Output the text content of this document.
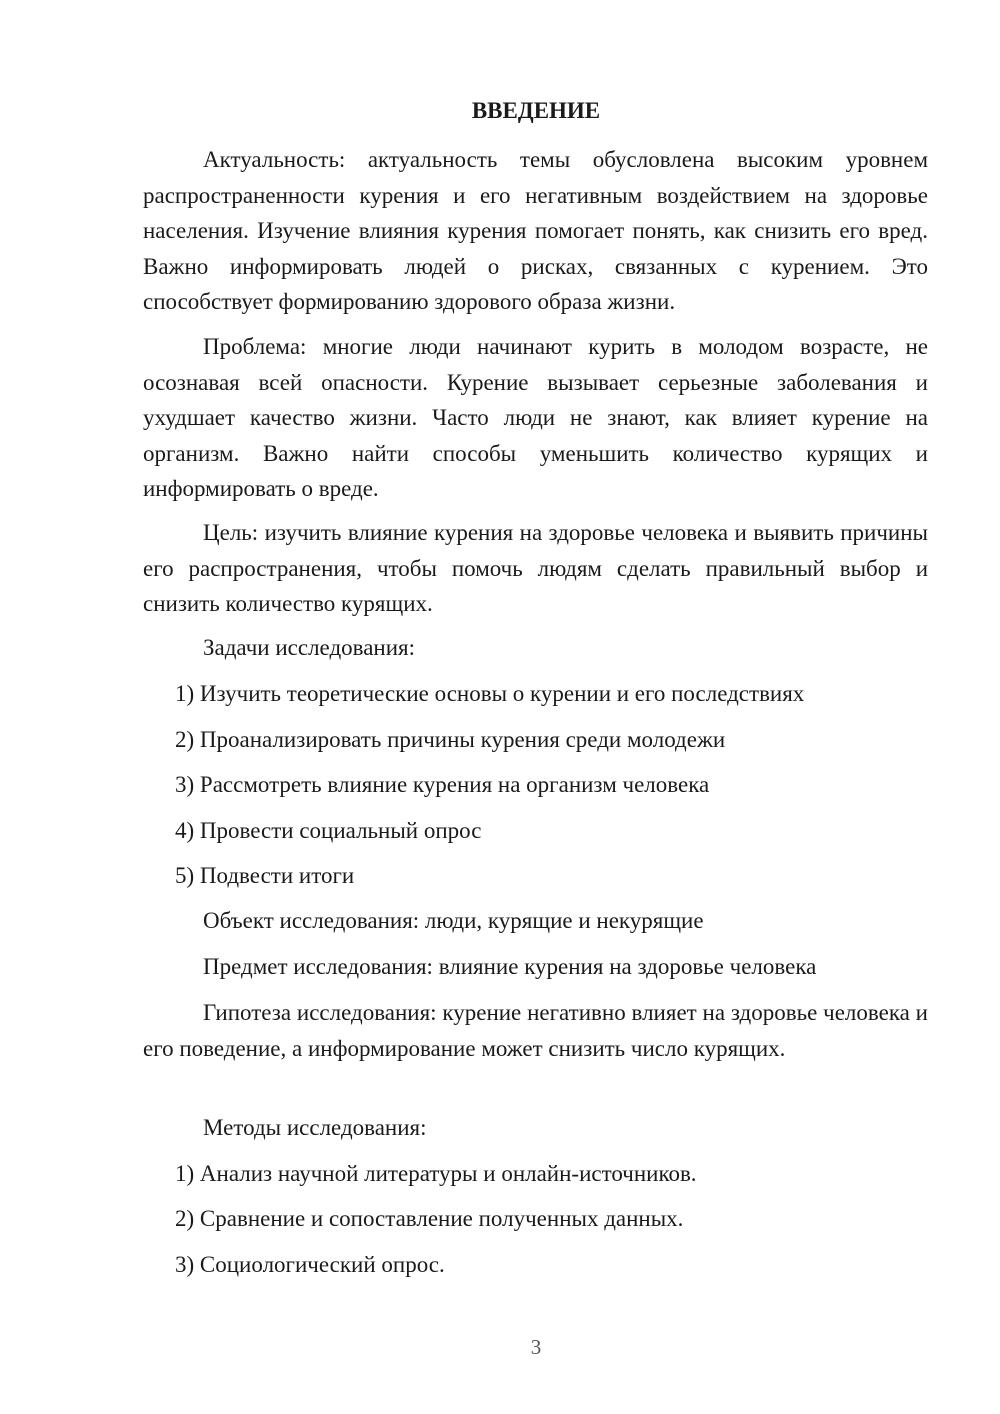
ВВЕДЕНИЕ

Актуальность: актуальность темы обусловлена высоким уровнем распространенности курения и его негативным воздействием на здоровье населения. Изучение влияния курения помогает понять, как снизить его вред. Важно информировать людей о рисках, связанных с курением. Это способствует формированию здорового образа жизни.

Проблема: многие люди начинают курить в молодом возрасте, не осознавая всей опасности. Курение вызывает серьезные заболевания и ухудшает качество жизни. Часто люди не знают, как влияет курение на организм. Важно найти способы уменьшить количество курящих и информировать о вреде.

Цель: изучить влияние курения на здоровье человека и выявить причины его распространения, чтобы помочь людям сделать правильный выбор и снизить количество курящих.

Задачи исследования:

1) Изучить теоретические основы о курении и его последствиях

2) Проанализировать причины курения среди молодежи

3) Рассмотреть влияние курения на организм человека

4) Провести социальный опрос

5) Подвести итоги

Объект исследования: люди, курящие и некурящие

Предмет исследования: влияние курения на здоровье человека

Гипотеза исследования: курение негативно влияет на здоровье человека и его поведение, а информирование может снизить число курящих.

Методы исследования:

1) Анализ научной литературы и онлайн-источников.

2) Сравнение и сопоставление полученных данных.

3) Социологический опрос.

3
